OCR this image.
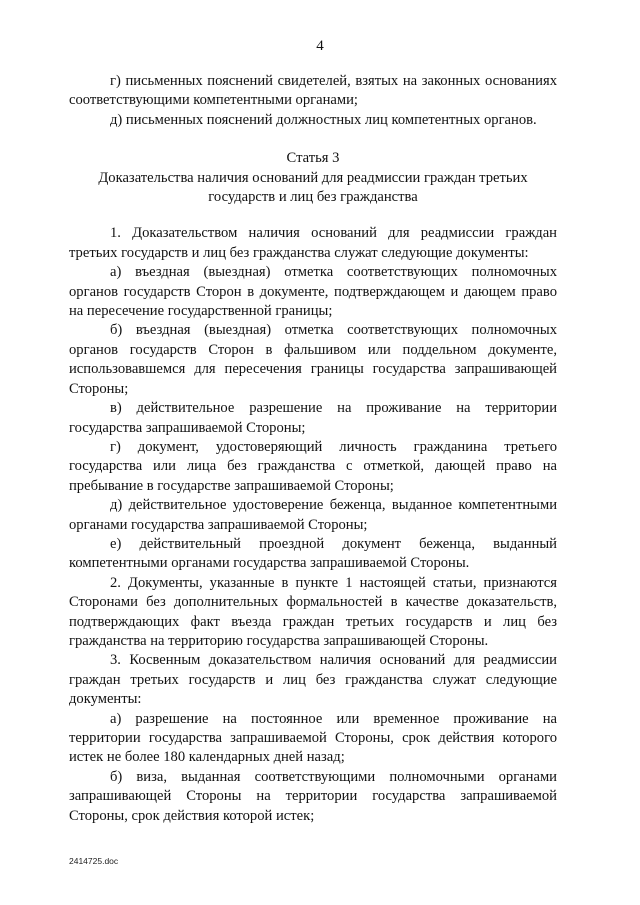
4

г) письменных пояснений свидетелей, взятых на законных основаниях соответствующими компетентными органами;

д) письменных пояснений должностных лиц компетентных органов.

Статья 3
Доказательства наличия оснований для реадмиссии граждан третьих государств и лиц без гражданства

1. Доказательством наличия оснований для реадмиссии граждан третьих государств и лиц без гражданства служат следующие документы:

а) въездная (выездная) отметка соответствующих полномочных органов государств Сторон в документе, подтверждающем и дающем право на пересечение государственной границы;

б) въездная (выездная) отметка соответствующих полномочных органов государств Сторон в фальшивом или поддельном документе, использовавшемся для пересечения границы государства запрашивающей Стороны;

в) действительное разрешение на проживание на территории государства запрашиваемой Стороны;

г) документ, удостоверяющий личность гражданина третьего государства или лица без гражданства с отметкой, дающей право на пребывание в государстве запрашиваемой Стороны;

д) действительное удостоверение беженца, выданное компетентными органами государства запрашиваемой Стороны;

е) действительный проездной документ беженца, выданный компетентными органами государства запрашиваемой Стороны.

2. Документы, указанные в пункте 1 настоящей статьи, признаются Сторонами без дополнительных формальностей в качестве доказательств, подтверждающих факт въезда граждан третьих государств и лиц без гражданства на территорию государства запрашивающей Стороны.

3. Косвенным доказательством наличия оснований для реадмиссии граждан третьих государств и лиц без гражданства служат следующие документы:

а) разрешение на постоянное или временное проживание на территории государства запрашиваемой Стороны, срок действия которого истек не более 180 календарных дней назад;

б) виза, выданная соответствующими полномочными органами запрашивающей Стороны на территории государства запрашиваемой Стороны, срок действия которой истек;

2414725.doc
